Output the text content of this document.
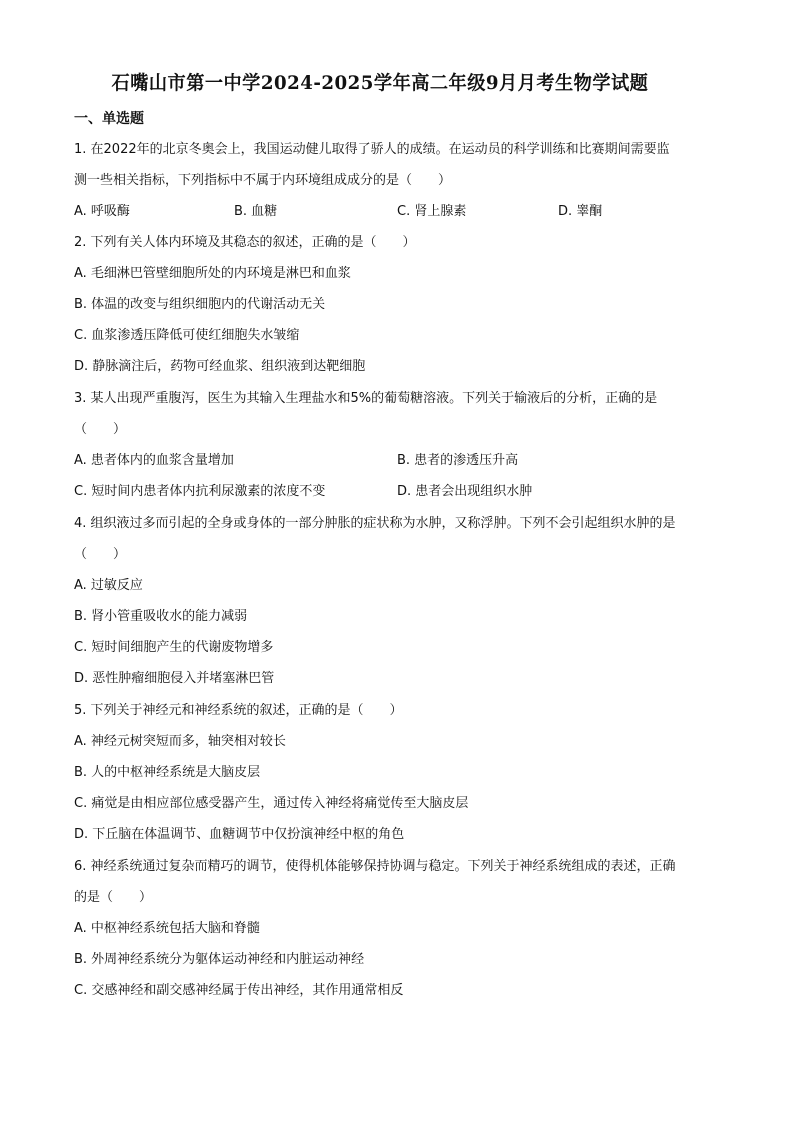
石嘴山市第一中学2024-2025学年高二年级9月月考生物学试题
一、单选题
1. 在2022年的北京冬奥会上，我国运动健儿取得了骄人的成绩。在运动员的科学训练和比赛期间需要监
测一些相关指标，下列指标中不属于内环境组成成分的是（　　）
A. 呼吸酶	B. 血糖	C. 肾上腺素	D. 睾酮
2. 下列有关人体内环境及其稳态的叙述，正确的是（　　）
A. 毛细淋巴管壁细胞所处的内环境是淋巴和血浆
B. 体温的改变与组织细胞内的代谢活动无关
C. 血浆渗透压降低可使红细胞失水皱缩
D. 静脉滴注后，药物可经血浆、组织液到达靶细胞
3. 某人出现严重腹泻，医生为其输入生理盐水和5%的葡萄糖溶液。下列关于输液后的分析，正确的是
（　　）
A. 患者体内的血浆含量增加	B. 患者的渗透压升高
C. 短时间内患者体内抗利尿激素的浓度不变	D. 患者会出现组织水肿
4. 组织液过多而引起的全身或身体的一部分肿胀的症状称为水肿，又称浮肿。下列不会引起组织水肿的是
（　　）
A. 过敏反应
B. 肾小管重吸收水的能力减弱
C. 短时间细胞产生的代谢废物增多
D. 恶性肿瘤细胞侵入并堵塞淋巴管
5. 下列关于神经元和神经系统的叙述，正确的是（　　）
A. 神经元树突短而多，轴突相对较长
B. 人的中枢神经系统是大脑皮层
C. 痛觉是由相应部位感受器产生，通过传入神经将痛觉传至大脑皮层
D. 下丘脑在体温调节、血糖调节中仅扮演神经中枢的角色
6. 神经系统通过复杂而精巧的调节，使得机体能够保持协调与稳定。下列关于神经系统组成的表述，正确
的是（　　）
A. 中枢神经系统包括大脑和脊髓
B. 外周神经系统分为躯体运动神经和内脏运动神经
C. 交感神经和副交感神经属于传出神经，其作用通常相反
